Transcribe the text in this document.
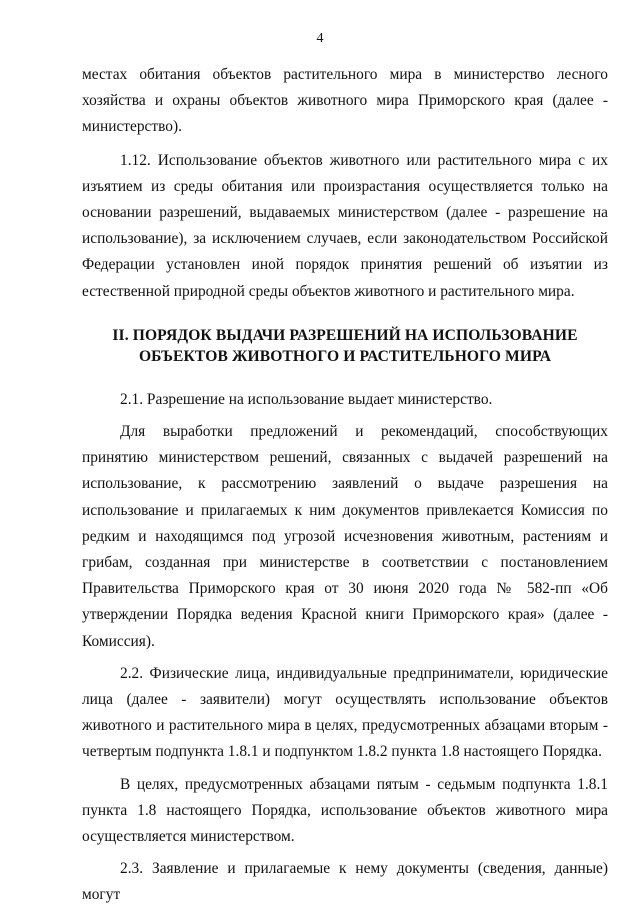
4

местах обитания объектов растительного мира в министерство лесного хозяйства и охраны объектов животного мира Приморского края (далее - министерство).

1.12. Использование объектов животного или растительного мира с их изъятием из среды обитания или произрастания осуществляется только на основании разрешений, выдаваемых министерством (далее - разрешение на использование), за исключением случаев, если законодательством Российской Федерации установлен иной порядок принятия решений об изъятии из естественной природной среды объектов животного и растительного мира.

II. ПОРЯДОК ВЫДАЧИ РАЗРЕШЕНИЙ НА ИСПОЛЬЗОВАНИЕ
ОБЪЕКТОВ ЖИВОТНОГО И РАСТИТЕЛЬНОГО МИРА

2.1. Разрешение на использование выдает министерство.

Для выработки предложений и рекомендаций, способствующих принятию министерством решений, связанных с выдачей разрешений на использование, к рассмотрению заявлений о выдаче разрешения на использование и прилагаемых к ним документов привлекается Комиссия по редким и находящимся под угрозой исчезновения животным, растениям и грибам, созданная при министерстве в соответствии с постановлением Правительства Приморского края от 30 июня 2020 года № 582-пп «Об утверждении Порядка ведения Красной книги Приморского края» (далее - Комиссия).

2.2. Физические лица, индивидуальные предприниматели, юридические лица (далее - заявители) могут осуществлять использование объектов животного и растительного мира в целях, предусмотренных абзацами вторым - четвертым подпункта 1.8.1 и подпунктом 1.8.2 пункта 1.8 настоящего Порядка.

В целях, предусмотренных абзацами пятым - седьмым подпункта 1.8.1 пункта 1.8 настоящего Порядка, использование объектов животного мира осуществляется министерством.

2.3. Заявление и прилагаемые к нему документы (сведения, данные) могут
